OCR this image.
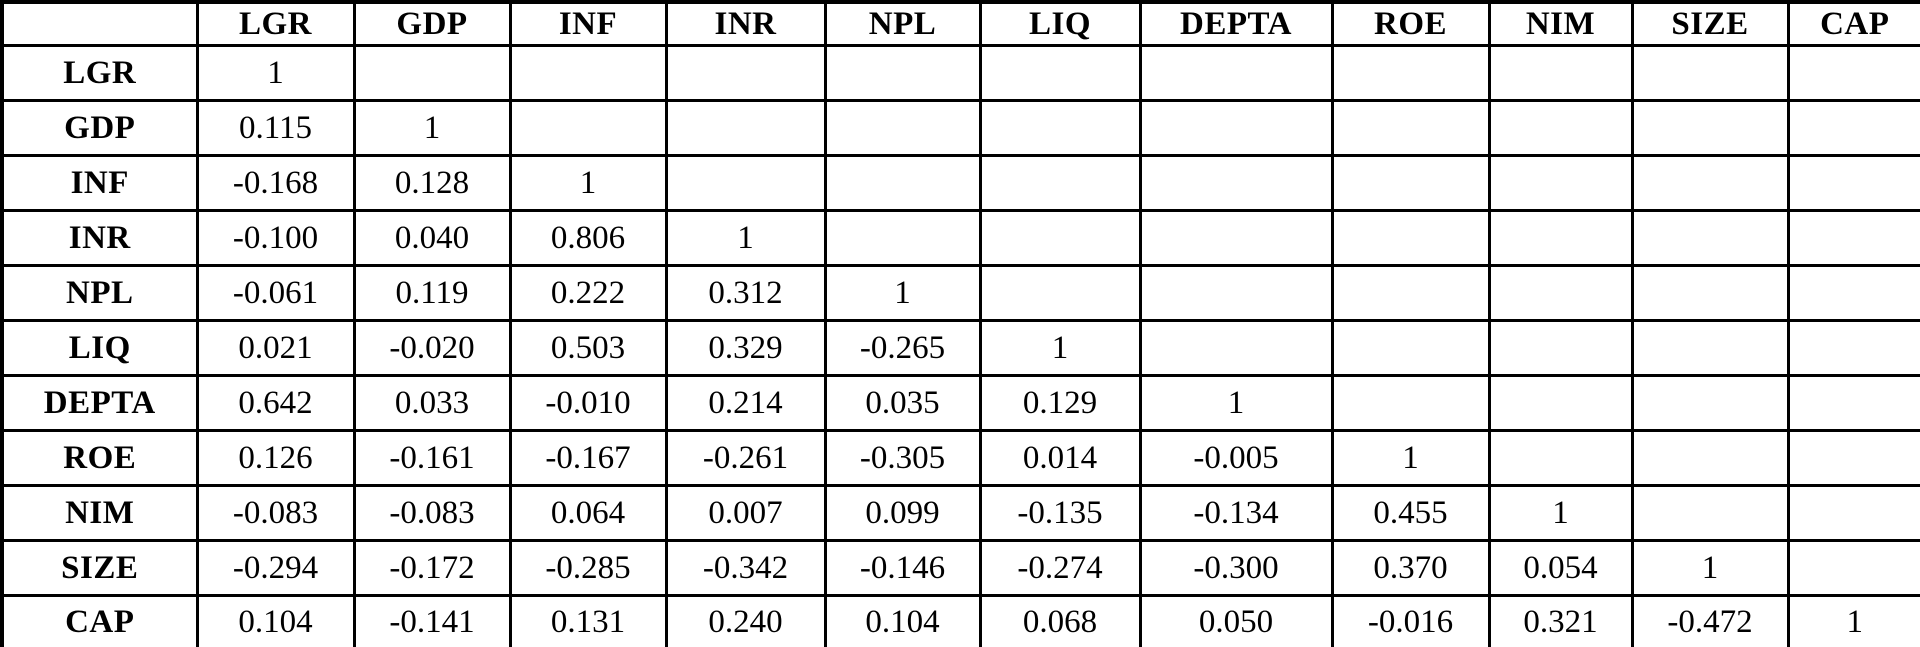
	LGR	GDP	INF	INR	NPL	LIQ	DEPTA	ROE	NIM	SIZE	CAP
LGR	1										
GDP	0.115	1									
INF	-0.168	0.128	1								
INR	-0.100	0.040	0.806	1							
NPL	-0.061	0.119	0.222	0.312	1						
LIQ	0.021	-0.020	0.503	0.329	-0.265	1					
DEPTA	0.642	0.033	-0.010	0.214	0.035	0.129	1				
ROE	0.126	-0.161	-0.167	-0.261	-0.305	0.014	-0.005	1			
NIM	-0.083	-0.083	0.064	0.007	0.099	-0.135	-0.134	0.455	1		
SIZE	-0.294	-0.172	-0.285	-0.342	-0.146	-0.274	-0.300	0.370	0.054	1	
CAP	0.104	-0.141	0.131	0.240	0.104	0.068	0.050	-0.016	0.321	-0.472	1
